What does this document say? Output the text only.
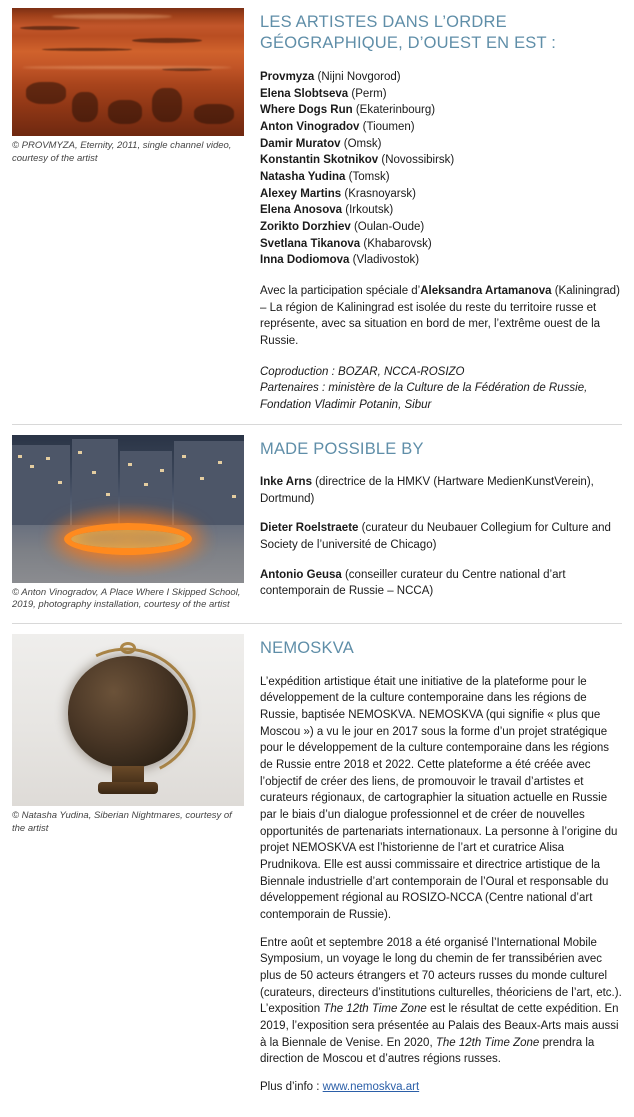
© PROVMYZA, Eternity, 2011, single channel video, courtesy of the artist
LES ARTISTES DANS L’ORDRE GÉOGRAPHIQUE, D’OUEST EN EST :
Provmyza (Nijni Novgorod)
Elena Slobtseva (Perm)
Where Dogs Run (Ekaterinbourg)
Anton Vinogradov (Tioumen)
Damir Muratov (Omsk)
Konstantin Skotnikov (Novossibirsk)
Natasha Yudina (Tomsk)
Alexey Martins (Krasnoyarsk)
Elena Anosova (Irkoutsk)
Zorikto Dorzhiev (Oulan-Oude)
Svetlana Tikanova (Khabarovsk)
Inna Dodiomova (Vladivostok)

Avec la participation spéciale d’Aleksandra Artamanova (Kaliningrad) – La région de Kaliningrad est isolée du reste du territoire russe et représente, avec sa situation en bord de mer, l’extrême ouest de la Russie.

Coproduction : BOZAR, NCCA-ROSIZO

Partenaires : ministère de la Culture de la Fédération de Russie, Fondation Vladimir Potanin, Sibur

© Anton Vinogradov, A Place Where I Skipped School, 2019, photography installation, courtesy of the artist
MADE POSSIBLE BY

Inke Arns (directrice de la HMKV (Hartware MedienKunstVerein), Dortmund)

Dieter Roelstraete (curateur du Neubauer Collegium for Culture and Society de l’université de Chicago)

Antonio Geusa (conseiller curateur du Centre national d’art contemporain de Russie – NCCA)

© Natasha Yudina, Siberian Nightmares, courtesy of the artist
NEMOSKVA

L’expédition artistique était une initiative de la plateforme pour le développement de la culture contemporaine dans les régions de Russie, baptisée NEMOSKVA. NEMOSKVA (qui signifie « plus que Moscou ») a vu le jour en 2017 sous la forme d’un projet stratégique pour le développement de la culture contemporaine dans les régions de Russie entre 2018 et 2022. Cette plateforme a été créée avec l’objectif de créer des liens, de promouvoir le travail d’artistes et curateurs régionaux, de cartographier la situation actuelle en Russie par le biais d’un dialogue professionnel et de créer de nouvelles opportunités de partenariats internationaux. La personne à l’origine du projet NEMOSKVA est l’historienne de l’art et curatrice Alisa Prudnikova. Elle est aussi commissaire et directrice artistique de la Biennale industrielle d’art contemporain de l’Oural et responsable du développement régional au ROSIZO-NCCA (Centre national d’art contemporain de Russie).

Entre août et septembre 2018 a été organisé l’International Mobile Symposium, un voyage le long du chemin de fer transsibérien avec plus de 50 acteurs étrangers et 70 acteurs russes du monde culturel (curateurs, directeurs d’institutions culturelles, théoriciens de l’art, etc.). L’exposition The 12th Time Zone est le résultat de cette expédition. En 2019, l’exposition sera présentée au Palais des Beaux-Arts mais aussi à la Biennale de Venise. En 2020, The 12th Time Zone prendra la direction de Moscou et d’autres régions russes.

Plus d’info : www.nemoskva.art
